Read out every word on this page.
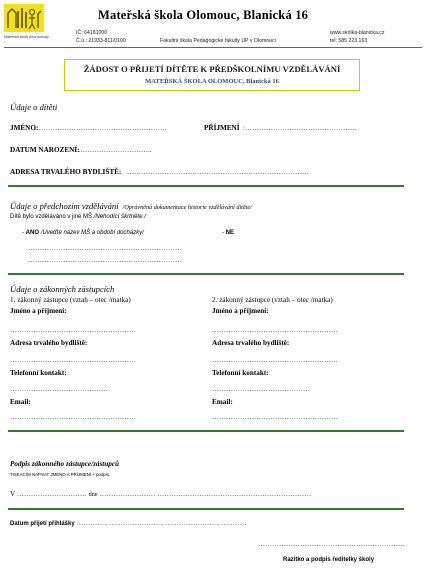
Mateřská škola plná pohody
Mateřská škola Olomouc, Blanická 16
IČ: 64181000
Č.ú.: 21933-811/0100	Fakultní škola Pedagogické fakulty UP v Olomouci
www.skolka-blanicka.cz
tel: 585 223 163
ŽÁDOST O PŘIJETÍ DÍTĚTE K PŘEDŠKOLNÍMU VZDĚLÁVÁNÍ
MATEŘSKÁ ŠKOLA OLOMOUC, Blanická 16
Údaje o dítěti
JMÉNO:
…………………………………………………	PŘÍJMENÍ :…………………………………………
DATUM NAROZENÍ:
…………………………..
ADRESA TRVALÉHO BYDLIŠTĚ: ……………………………………………………………………
Údaje o předchozím vzdělávání /Oprávněná dokumentace historie vzdělávání dítěte/
Dítě bylo vzděláváno v jiné MŠ /Nehodící škrtněte./
- ANO /Uveďte název MŠ a období docházky/	- NE
…………………………………………………………
…………………………………………………………
Údaje o zákonných zástupcích
1. zákonný zástupce (vztah – otec /matka)	2. zákonný zástupce (vztah – otec /matka)
Jméno a příjmení:	Jméno a příjmení:
………………………………………………	………………………………………………
Adresa trvalého bydliště:	Adresa trvalého bydliště:
………………………………………………	………………………………………………
Telefonní kontakt:	Telefonní kontakt:
……………………………………	……………………………………
Email:	Email:
………………………………………………	………………………………………………
Podpis zákonného zástupce/zástupců
TISKACÍM NAPSAT JMÉNO A PŘÍJMENÍ + podpis
V ………………………… dne …………………… …………………………………………………………
Datum přijetí přihlášky ……………………………………………………………….
………………………………………………………
Razítko a podpis ředitelky školy
